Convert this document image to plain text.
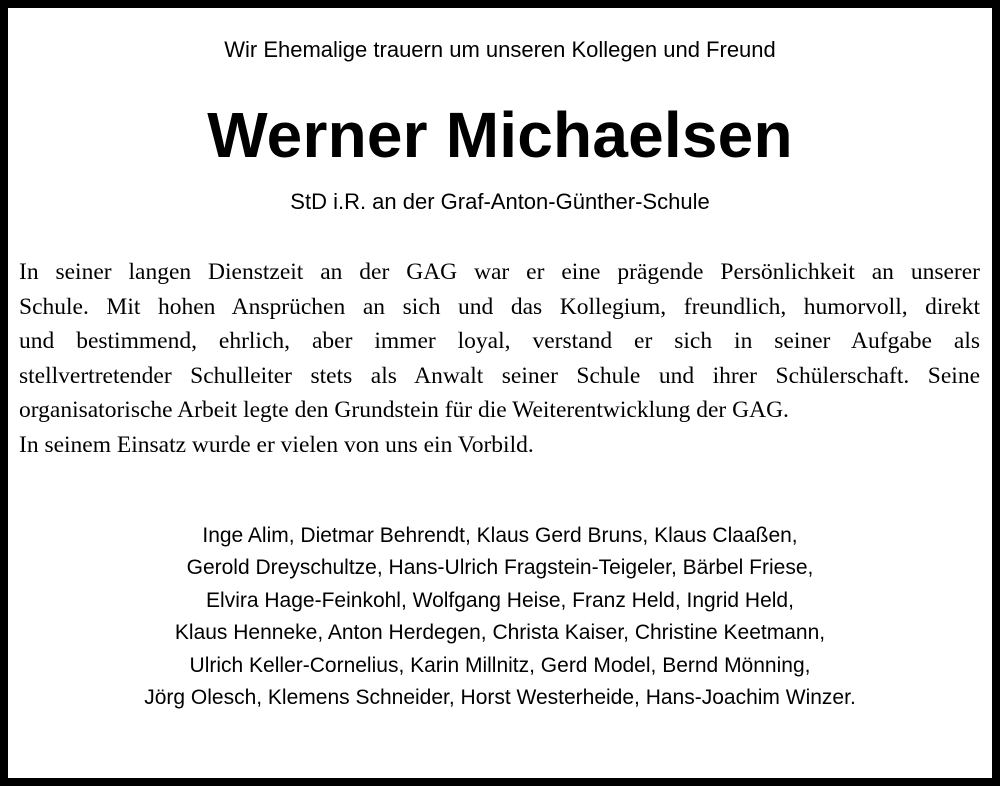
Wir Ehemalige trauern um unseren Kollegen und Freund
Werner Michaelsen
StD i.R. an der Graf-Anton-Günther-Schule
In seiner langen Dienstzeit an der GAG war er eine prägende Persönlichkeit an unserer
Schule. Mit hohen Ansprüchen an sich und das Kollegium, freundlich, humorvoll, direkt
und bestimmend, ehrlich, aber immer loyal, verstand er sich in seiner Aufgabe als
stellvertretender Schulleiter stets als Anwalt seiner Schule und ihrer Schülerschaft. Seine
organisatorische Arbeit legte den Grundstein für die Weiterentwicklung der GAG.
In seinem Einsatz wurde er vielen von uns ein Vorbild.
Inge Alim, Dietmar Behrendt, Klaus Gerd Bruns, Klaus Claaßen,
Gerold Dreyschultze, Hans-Ulrich Fragstein-Teigeler, Bärbel Friese,
Elvira Hage-Feinkohl, Wolfgang Heise, Franz Held, Ingrid Held,
Klaus Henneke, Anton Herdegen, Christa Kaiser, Christine Keetmann,
Ulrich Keller-Cornelius, Karin Millnitz, Gerd Model, Bernd Mönning,
Jörg Olesch, Klemens Schneider, Horst Westerheide, Hans-Joachim Winzer.
